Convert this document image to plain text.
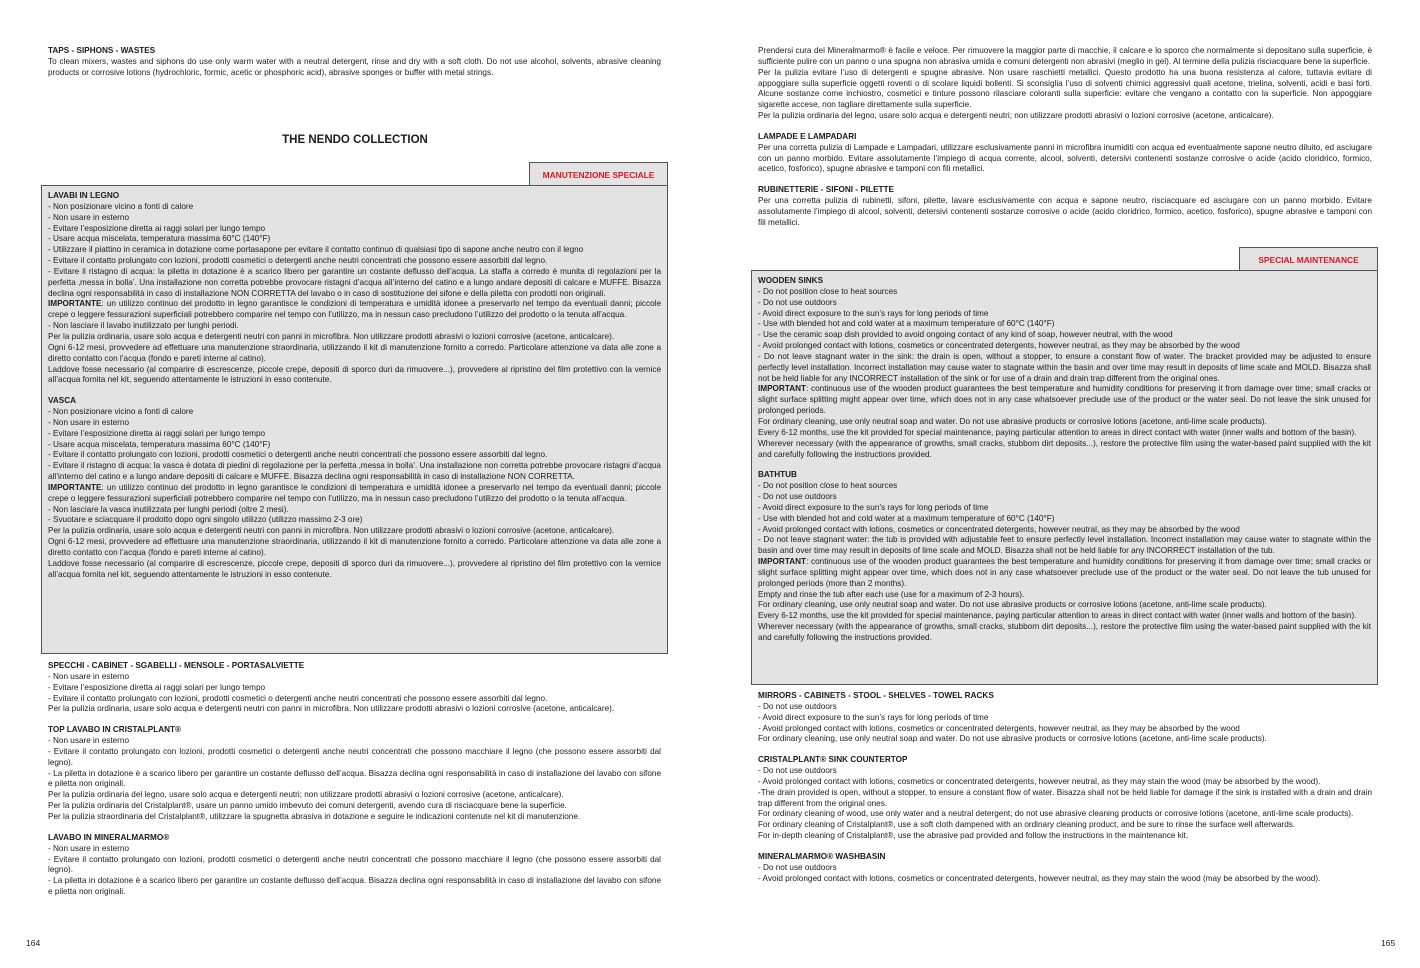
TAPS - SIPHONS - WASTES

To clean mixers, wastes and siphons do use only warm water with a neutral detergent, rinse and dry with a soft cloth. Do not use alcohol, solvents, abrasive cleaning products or corrosive lotions (hydrochloric, formic, acetic or phosphoric acid), abrasive sponges or buffer with metal strings.

THE NENDO COLLECTION
MANUTENZIONE SPECIALE
LAVABI IN LEGNO

- Non posizionare vicino a fonti di calore

- Non usare in esterno

- Evitare l’esposizione diretta ai raggi solari per lungo tempo

- Usare acqua miscelata, temperatura massima 60°C (140°F)

- Utilizzare il piattino in ceramica in dotazione come portasapone per evitare il contatto continuo di qualsiasi tipo di sapone anche neutro con il legno

- Evitare il contatto prolungato con lozioni, prodotti cosmetici o detergenti anche neutri concentrati che possono essere assorbiti dal legno.

- Evitare il ristagno di acqua: la piletta in dotazione è a scarico libero per garantire un costante deflusso dell’acqua. La staffa a corredo è munita di regolazioni per la perfetta ‚messa in bolla’. Una installazione non corretta potrebbe provocare ristagni d’acqua all’interno del catino e a lungo andare depositi di calcare e MUFFE. Bisazza declina ogni responsabilità in caso di installazione NON CORRETTA del lavabo o in caso di sostituzione del sifone e della piletta con prodotti non originali.

IMPORTANTE: un utilizzo continuo del prodotto in legno garantisce le condizioni di temperatura e umidità idonee a preservarlo nel tempo da eventuali danni; piccole crepe o leggere fessurazioni superficiali potrebbero comparire nel tempo con l’utilizzo, ma in nessun caso precludono l’utilizzo del prodotto o la tenuta all’acqua.

- Non lasciare il lavabo inutilizzato per lunghi periodi.

Per la pulizia ordinaria, usare solo acqua e detergenti neutri con panni in microfibra. Non utilizzare prodotti abrasivi o lozioni corrosive (acetone, anticalcare).

Ogni 6-12 mesi, provvedere ad effettuare una manutenzione straordinaria, utilizzando il kit di manutenzione fornito a corredo. Particolare attenzione va data alle zone a diretto contatto con l’acqua (fondo e pareti interne al catino).

Laddove fosse necessario (al comparire di escrescenze, piccole crepe, depositi di sporco duri da rimuovere...), provvedere al ripristino del film protettivo con la vernice all’acqua fornita nel kit, seguendo attentamente le istruzioni in esso contenute.

VASCA

- Non posizionare vicino a fonti di calore

- Non usare in esterno

- Evitare l’esposizione diretta ai raggi solari per lungo tempo

- Usare acqua miscelata, temperatura massima 60°C (140°F)

- Evitare il contatto prolungato con lozioni, prodotti cosmetici o detergenti anche neutri concentrati che possono essere assorbiti dal legno.

- Evitare il ristagno di acqua: la vasca è dotata di piedini di regolazione per la perfetta ‚messa in bolla’. Una installazione non corretta potrebbe provocare ristagni d’acqua all’interno del catino e a lungo andare depositi di calcare e MUFFE. Bisazza declina ogni responsabilità in caso di installazione NON CORRETTA.

IMPORTANTE: un utilizzo continuo del prodotto in legno garantisce le condizioni di temperatura e umidità idonee a preservarlo nel tempo da eventuali danni; piccole crepe o leggere fessurazioni superficiali potrebbero comparire nel tempo con l’utilizzo, ma in nessun caso precludono l’utilizzo del prodotto o la tenuta all’acqua.

- Non lasciare la vasca inutilizzata per lunghi periodi (oltre 2 mesi).

- Svuotare e sciacquare il prodotto dopo ogni singolo utilizzo (utilizzo massimo 2-3 ore)

Per la pulizia ordinaria, usare solo acqua e detergenti neutri con panni in microfibra. Non utilizzare prodotti abrasivi o lozioni corrosive (acetone, anticalcare).

Ogni 6-12 mesi, provvedere ad effettuare una manutenzione straordinaria, utilizzando il kit di manutenzione fornito a corredo. Particolare attenzione va data alle zone a diretto contatto con l’acqua (fondo e pareti interne al catino).

Laddove fosse necessario (al comparire di escrescenze, piccole crepe, depositi di sporco duri da rimuovere...), provvedere al ripristino del film protettivo con la vernice all’acqua fornita nel kit, seguendo attentamente le istruzioni in esso contenute.

SPECCHI - CABINET - SGABELLI - MENSOLE - PORTASALVIETTE

- Non usare in esterno

- Evitare l’esposizione diretta ai raggi solari per lungo tempo

- Evitare il contatto prolungato con lozioni, prodotti cosmetici o detergenti anche neutri concentrati che possono essere assorbiti dal legno.

Per la pulizia ordinaria, usare solo acqua e detergenti neutri con panni in microfibra. Non utilizzare prodotti abrasivi o lozioni corrosive (acetone, anticalcare).

TOP LAVABO IN CRISTALPLANT®

- Non usare in esterno

- Evitare il contatto prolungato con lozioni, prodotti cosmetici o detergenti anche neutri concentrati che possono macchiare il legno (che possono essere assorbiti dal legno).

- La piletta in dotazione è a scarico libero per garantire un costante deflusso dell’acqua. Bisazza declina ogni responsabilità in caso di installazione del lavabo con sifone e piletta non originali.

Per la pulizia ordinaria del legno, usare solo acqua e detergenti neutri; non utilizzare prodotti abrasivi o lozioni corrosive (acetone, anticalcare).

Per la pulizia ordinaria del Cristalplant®, usare un panno umido imbevuto dei comuni detergenti, avendo cura di risciacquare bene la superficie.

Per la pulizia straordinaria del Cristalplant®, utilizzare la spugnetta abrasiva in dotazione e seguire le indicazioni contenute nel kit di manutenzione.

LAVABO IN MINERALMARMO®

- Non usare in esterno

- Evitare il contatto prolungato con lozioni, prodotti cosmetici o detergenti anche neutri concentrati che possono macchiare il legno (che possono essere assorbiti dal legno).

- La piletta in dotazione è a scarico libero per garantire un costante deflusso dell’acqua. Bisazza declina ogni responsabilità in caso di installazione del lavabo con sifone e piletta non originali.

164

Prendersi cura del Mineralmarmo® è facile e veloce. Per rimuovere la maggior parte di macchie, il calcare e lo sporco che normalmente si depositano sulla superficie, è sufficiente pulire con un panno o una spugna non abrasiva umida e comuni detergenti non abrasivi (meglio in gel). Al termine della pulizia risciacquare bene la superficie.

Per la pulizia evitare l’uso di detergenti e spugne abrasive. Non usare raschietti metallici. Questo prodotto ha una buona resistenza al calore, tuttavia evitare di appoggiare sulla superficie oggetti roventi o di scolare liquidi bollenti. Si sconsiglia l’uso di solventi chimici aggressivi quali acetone, trielina, solventi, acidi e basi forti. Alcune sostanze come inchiostro, cosmetici e tinture possono rilasciare coloranti sulla superficie: evitare che vengano a contatto con la superficie. Non appoggiare sigarette accese, non tagliare direttamente sulla superficie.

Per la pulizia ordinaria del legno, usare solo acqua e detergenti neutri; non utilizzare prodotti abrasivi o lozioni corrosive (acetone, anticalcare).

LAMPADE E LAMPADARI

Per una corretta pulizia di Lampade e Lampadari, utilizzare esclusivamente panni in microfibra inumiditi con acqua ed eventualmente sapone neutro diluito, ed asciugare con un panno morbido. Evitare assolutamente l’impiego di acqua corrente, alcool, solventi, detersivi contenenti sostanze corrosive o acide (acido cloridrico, formico, acetico, fosforico), spugne abrasive e tamponi con fili metallici.

RUBINETTERIE - SIFONI - PILETTE

Per una corretta pulizia di rubinetti, sifoni, pilette, lavare esclusivamente con acqua e sapone neutro, risciacquare ed asciugare con un panno morbido. Evitare assolutamente l’impiego di alcool, solventi, detersivi contenenti sostanze corrosive o acide (acido cloridrico, formico, acetico, fosforico), spugne abrasive e tamponi con fili metallici.

SPECIAL MAINTENANCE
WOODEN SINKS

- Do not position close to heat sources

- Do not use outdoors

- Avoid direct exposure to the sun’s rays for long periods of time

- Use with blended hot and cold water at a maximum temperature of 60°C (140°F)

- Use the ceramic soap dish provided to avoid ongoing contact of any kind of soap, however neutral, with the wood

- Avoid prolonged contact with lotions, cosmetics or concentrated detergents, however neutral, as they may be absorbed by the wood

- Do not leave stagnant water in the sink: the drain is open, without a stopper, to ensure a constant flow of water. The bracket provided may be adjusted to ensure perfectly level installation. Incorrect installation may cause water to stagnate within the basin and over time may result in deposits of lime scale and MOLD. Bisazza shall not be held liable for any INCORRECT installation of the sink or for use of a drain and drain trap different from the original ones.

IMPORTANT: continuous use of the wooden product guarantees the best temperature and humidity conditions for preserving it from damage over time; small cracks or slight surface splitting might appear over time, which does not in any case whatsoever preclude use of the product or the water seal. Do not leave the sink unused for prolonged periods.

For ordinary cleaning, use only neutral soap and water. Do not use abrasive products or corrosive lotions (acetone, anti-lime scale products).

Every 6-12 months, use the kit provided for special maintenance, paying particular attention to areas in direct contact with water (inner walls and bottom of the basin).

Wherever necessary (with the appearance of growths, small cracks, stubborn dirt deposits...), restore the protective film using the water-based paint supplied with the kit and carefully following the instructions provided.

BATHTUB

- Do not position close to heat sources

- Do not use outdoors

- Avoid direct exposure to the sun’s rays for long periods of time

- Use with blended hot and cold water at a maximum temperature of 60°C (140°F)

- Avoid prolonged contact with lotions, cosmetics or concentrated detergents, however neutral, as they may be absorbed by the wood

- Do not leave stagnant water: the tub is provided with adjustable feet to ensure perfectly level installation. Incorrect installation may cause water to stagnate within the basin and over time may result in deposits of lime scale and MOLD. Bisazza shall not be held liable for any INCORRECT installation of the tub.

IMPORTANT: continuous use of the wooden product guarantees the best temperature and humidity conditions for preserving it from damage over time; small cracks or slight surface splitting might appear over time, which does not in any case whatsoever preclude use of the product or the water seal. Do not leave the tub unused for prolonged periods (more than 2 months).

Empty and rinse the tub after each use (use for a maximum of 2-3 hours).

For ordinary cleaning, use only neutral soap and water. Do not use abrasive products or corrosive lotions (acetone, anti-lime scale products).

Every 6-12 months, use the kit provided for special maintenance, paying particular attention to areas in direct contact with water (inner walls and bottom of the basin).

Wherever necessary (with the appearance of growths, small cracks, stubborn dirt deposits...), restore the protective film using the water-based paint supplied with the kit and carefully following the instructions provided.

MIRRORS - CABINETS - STOOL - SHELVES - TOWEL RACKS

- Do not use outdoors

- Avoid direct exposure to the sun’s rays for long periods of time

- Avoid prolonged contact with lotions, cosmetics or concentrated detergents, however neutral, as they may be absorbed by the wood

For ordinary cleaning, use only neutral soap and water. Do not use abrasive products or corrosive lotions (acetone, anti-lime scale products).

CRISTALPLANT® SINK COUNTERTOP

- Do not use outdoors

- Avoid prolonged contact with lotions, cosmetics or concentrated detergents, however neutral, as they may stain the wood (may be absorbed by the wood).

-The drain provided is open, without a stopper, to ensure a constant flow of water. Bisazza shall not be held liable for damage if the sink is installed with a drain and drain trap different from the original ones.

For ordinary cleaning of wood, use only water and a neutral detergent; do not use abrasive cleaning products or corrosive lotions (acetone, anti-lime scale products).

For ordinary cleaning of Cristalplant®, use a soft cloth dampened with an ordinary cleaning product, and be sure to rinse the surface well afterwards.

For in-depth cleaning of Cristalplant®, use the abrasive pad provided and follow the instructions in the maintenance kit.

MINERALMARMO® WASHBASIN

- Do not use outdoors

- Avoid prolonged contact with lotions, cosmetics or concentrated detergents, however neutral, as they may stain the wood (may be absorbed by the wood).

165
